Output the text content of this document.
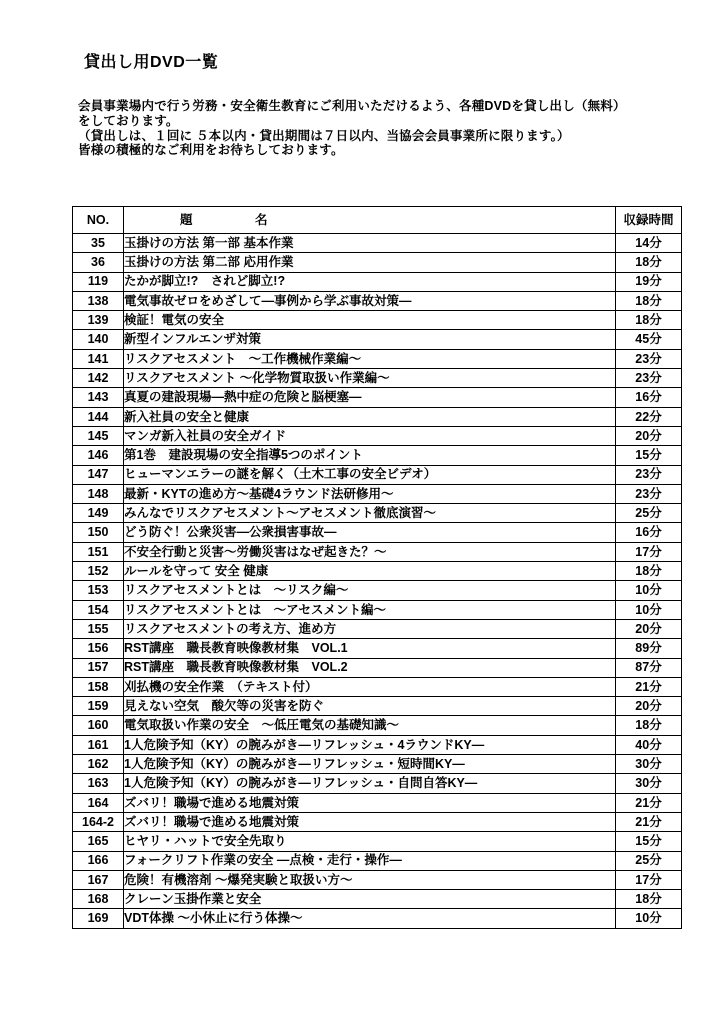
貸出し用DVD一覧
会員事業場内で行う労務・安全衛生教育にご利用いただけるよう、各種DVDを貸し出し（無料）
をしております。
（貸出しは、１回に ５本以内・貸出期間は７日以内、当協会会員事業所に限ります。）
皆様の積極的なご利用をお待ちしております。
NO.	題　　　　　名	収録時間
35	玉掛けの方法 第一部 基本作業	14分
36	玉掛けの方法 第二部 応用作業	18分
119	たかが脚立!?　されど脚立!?	19分
138	電気事故ゼロをめざして―事例から学ぶ事故対策―	18分
139	検証！電気の安全	18分
140	新型インフルエンザ対策	45分
141	リスクアセスメント　～工作機械作業編～	23分
142	リスクアセスメント ～化学物質取扱い作業編～	23分
143	真夏の建設現場―熱中症の危険と脳梗塞―	16分
144	新入社員の安全と健康	22分
145	マンガ新入社員の安全ガイド	20分
146	第1巻　建設現場の安全指導5つのポイント	15分
147	ヒューマンエラーの謎を解く（土木工事の安全ビデオ）	23分
148	最新・KYTの進め方～基礎4ラウンド法研修用～	23分
149	みんなでリスクアセスメント～アセスメント徹底演習～	25分
150	どう防ぐ！公衆災害―公衆損害事故―	16分
151	不安全行動と災害～労働災害はなぜ起きた？～	17分
152	ルールを守って 安全 健康	18分
153	リスクアセスメントとは　～リスク編～	10分
154	リスクアセスメントとは　～アセスメント編～	10分
155	リスクアセスメントの考え方、進め方	20分
156	RST講座　職長教育映像教材集　VOL.1	89分
157	RST講座　職長教育映像教材集　VOL.2	87分
158	刈払機の安全作業　（テキスト付）	21分
159	見えない空気　酸欠等の災害を防ぐ	20分
160	電気取扱い作業の安全　～低圧電気の基礎知識～	18分
161	1人危険予知（KY）の腕みがき―リフレッシュ・4ラウンドKY―	40分
162	1人危険予知（KY）の腕みがき―リフレッシュ・短時間KY―	30分
163	1人危険予知（KY）の腕みがき―リフレッシュ・自問自答KY―	30分
164	ズバリ！職場で進める地震対策	21分
164-2	ズバリ！職場で進める地震対策	21分
165	ヒヤリ・ハットで安全先取り	15分
166	フォークリフト作業の安全 ―点検・走行・操作―	25分
167	危険！有機溶剤 ～爆発実験と取扱い方～	17分
168	クレーン玉掛作業と安全	18分
169	VDT体操 ～小休止に行う体操～	10分
